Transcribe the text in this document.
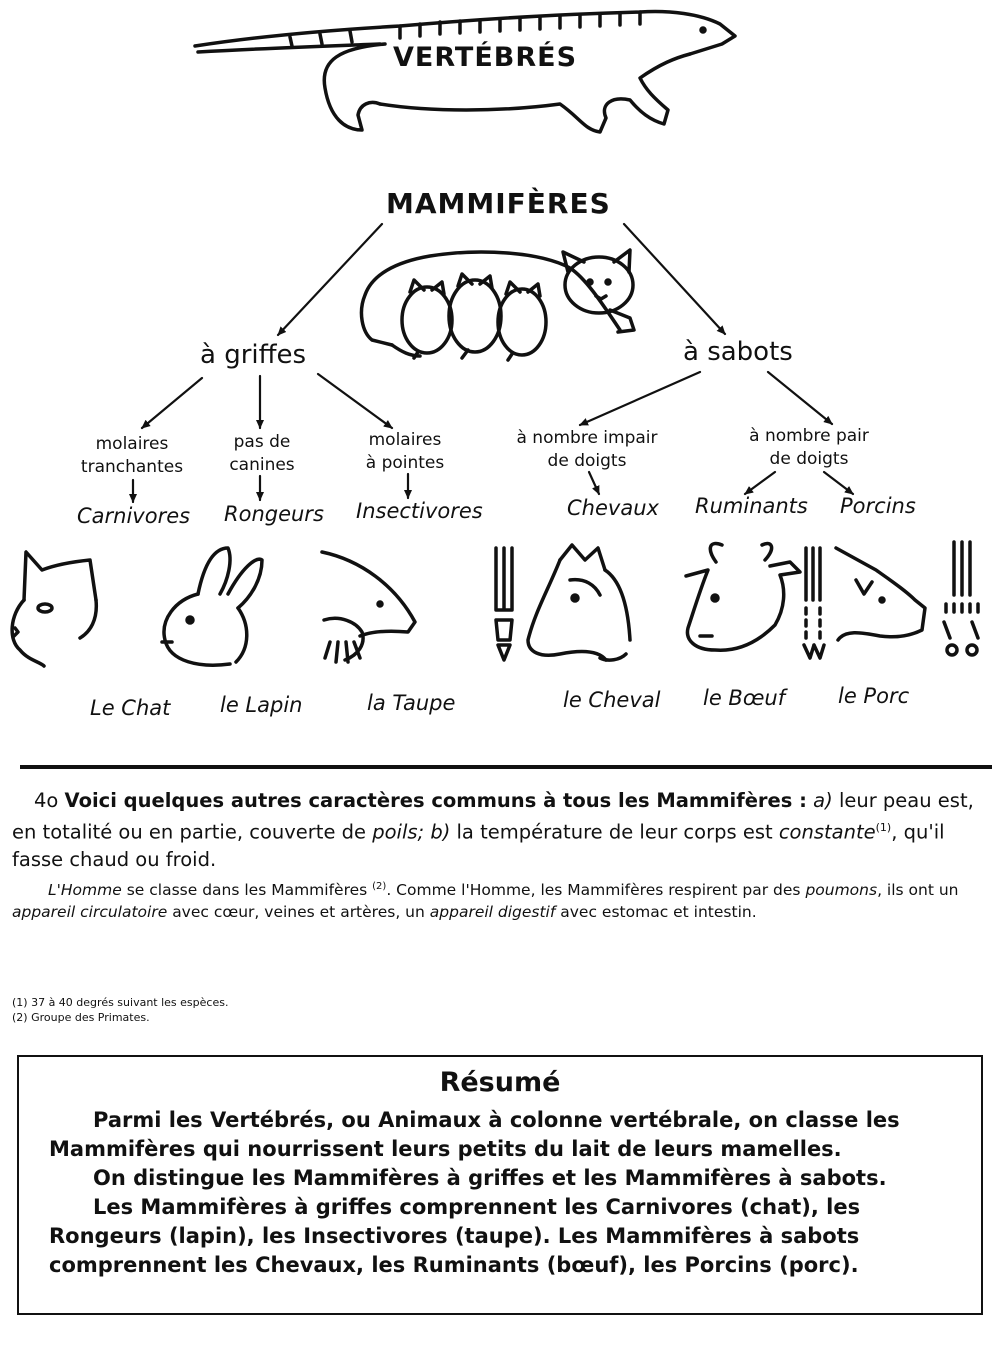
VERTÉBRÉS
MAMMIFÈRES
à griffes	à sabots
molaires
tranchantes
pas de
canines
molaires
à pointes
à nombre impair
de doigts
à nombre pair
de doigts
Carnivores Rongeurs Insectivores	Chevaux Ruminants Porcins
Le Chat le Lapin	la Taupe	le Cheval le Bœuf	le Porc
4o Voici quelques autres caractères communs à tous les Mammifères : a) leur peau est, en totalité ou en partie, couverte de poils; b) la température de leur corps est constante$^{(1)}$, qu'il fasse chaud ou froid.
L'Homme se classe dans les Mammifères $^{(2)}$. Comme l'Homme, les Mammifères respirent par des poumons, ils ont un appareil circulatoire avec cœur, veines et artères, un appareil digestif avec estomac et intestin.
(1) 37 à 40 degrés suivant les espèces.
(2) Groupe des Primates.
Résumé

Parmi les Vertébrés, ou Animaux à colonne vertébrale, on classe les Mammifères qui nourrissent leurs petits du lait de leurs mamelles.

On distingue les Mammifères à griffes et les Mammifères à sabots.

Les Mammifères à griffes comprennent les Carnivores (chat), les Rongeurs (lapin), les Insectivores (taupe). Les Mammifères à sabots comprennent les Chevaux, les Ruminants (bœuf), les Porcins (porc).
